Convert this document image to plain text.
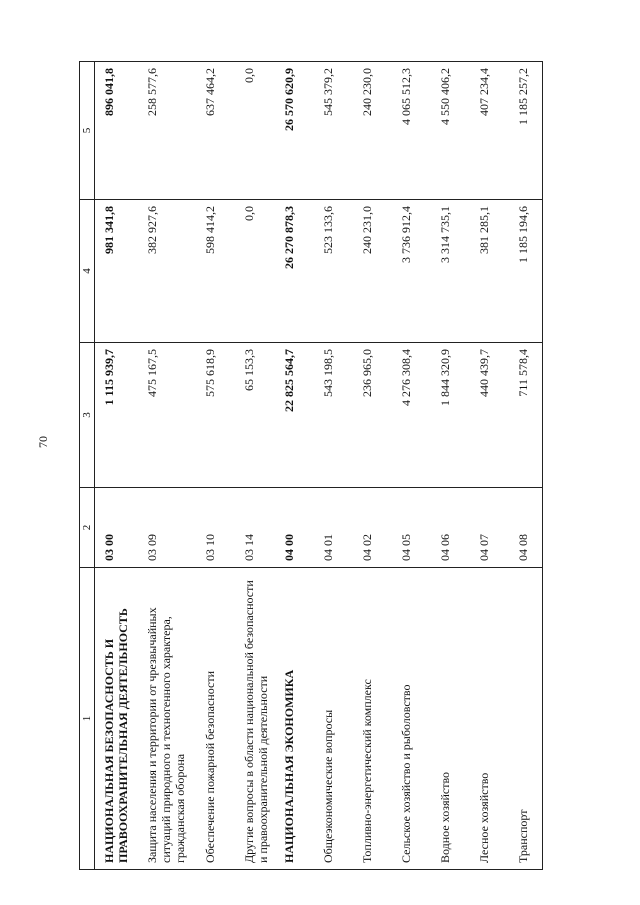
70
1	2	3	4	5
НАЦИОНАЛЬНАЯ БЕЗОПАСНОСТЬ И ПРАВООХРАНИТЕЛЬНАЯ ДЕЯТЕЛЬНОСТЬ	03 00	1 115 939,7	981 341,8	896 041,8
Защита населения и территории от чрезвычайных ситуаций природного и техногенного характера, гражданская оборона	03 09	475 167,5	382 927,6	258 577,6
Обеспечение пожарной безопасности	03 10	575 618,9	598 414,2	637 464,2
Другие вопросы в области национальной безопасности и правоохранительной деятельности	03 14	65 153,3	0,0	0,0
НАЦИОНАЛЬНАЯ ЭКОНОМИКА	04 00	22 825 564,7	26 270 878,3	26 570 620,9
Общеэкономические вопросы	04 01	543 198,5	523 133,6	545 379,2
Топливно-энергетический комплекс	04 02	236 965,0	240 231,0	240 230,0
Сельское хозяйство и рыболовство	04 05	4 276 308,4	3 736 912,4	4 065 512,3
Водное хозяйство	04 06	1 844 320,9	3 314 735,1	4 550 406,2
Лесное хозяйство	04 07	440 439,7	381 285,1	407 234,4
Транспорт	04 08	711 578,4	1 185 194,6	1 185 257,2
